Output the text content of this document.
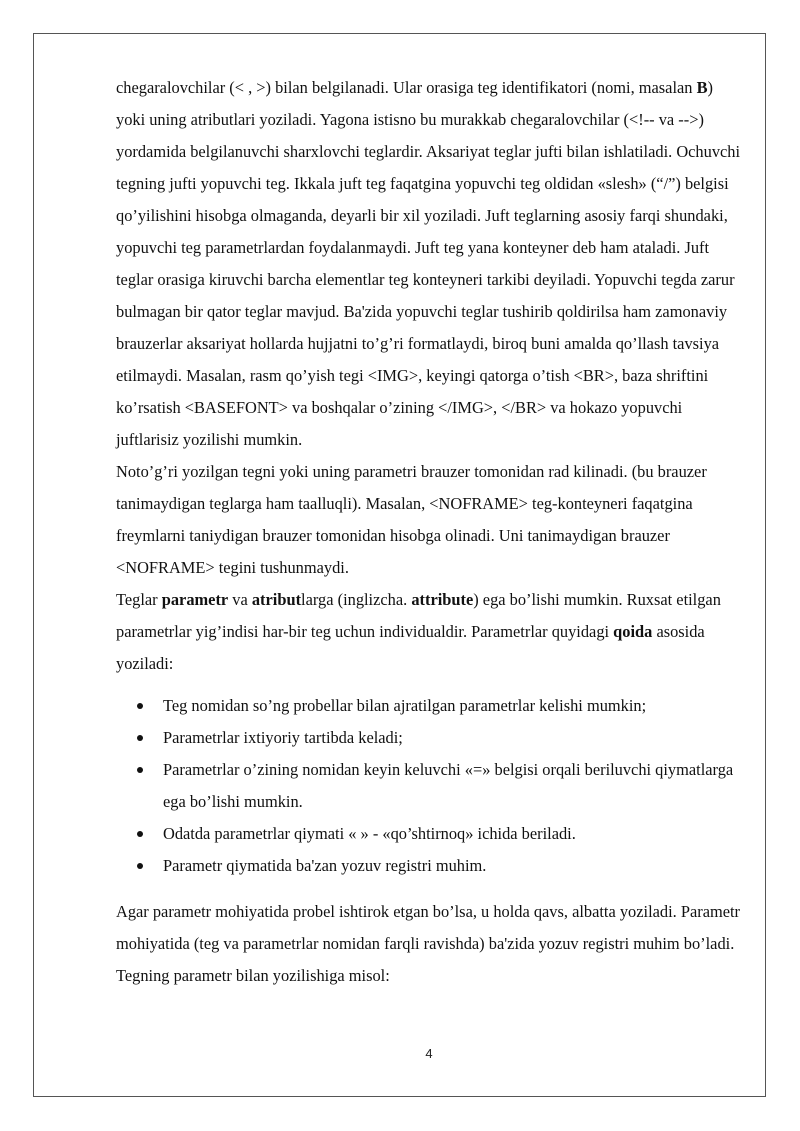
chegaralovchilar (< , >) bilan belgilanadi. Ular orasiga teg identifikatori (nomi, masalan B) yoki uning atributlari yoziladi. Yagona istisno bu murakkab chegaralovchilar (<!-- va -->) yordamida belgilanuvchi sharxlovchi teglardir. Aksariyat teglar jufti bilan ishlatiladi. Ochuvchi tegning jufti yopuvchi teg. Ikkala juft teg faqatgina yopuvchi teg oldidan «slesh» (“/”) belgisi qo’yilishini hisobga olmaganda, deyarli bir xil yoziladi. Juft teglarning asosiy farqi shundaki, yopuvchi teg parametrlardan foydalanmaydi. Juft teg yana konteyner deb ham ataladi. Juft teglar orasiga kiruvchi barcha elementlar teg konteyneri tarkibi deyiladi. Yopuvchi tegda zarur bulmagan bir qator teglar mavjud. Ba'zida yopuvchi teglar tushirib qoldirilsa ham zamonaviy brauzerlar aksariyat hollarda hujjatni to’g’ri formatlaydi, biroq buni amalda qo’llash tavsiya etilmaydi. Masalan, rasm qo’yish tegi <IMG>, keyingi qatorga o’tish <BR>, baza shriftini ko’rsatish <BASEFONT> va boshqalar o’zining </IMG>, </BR> va hokazo yopuvchi juftlarisiz yozilishi mumkin.

Noto’g’ri yozilgan tegni yoki uning parametri brauzer tomonidan rad kilinadi. (bu brauzer tanimaydigan teglarga ham taalluqli). Masalan, <NOFRAME> teg-konteyneri faqatgina freymlarni taniydigan brauzer tomonidan hisobga olinadi. Uni tanimaydigan brauzer <NOFRAME> tegini tushunmaydi.

Teglar parametr va atributlarga (inglizcha. attribute) ega bo’lishi mumkin. Ruxsat etilgan parametrlar yig’indisi har-bir teg uchun individualdir. Parametrlar quyidagi qoida asosida yoziladi:

Teg nomidan so’ng probellar bilan ajratilgan parametrlar kelishi mumkin;
Parametrlar ixtiyoriy tartibda keladi;
Parametrlar o’zining nomidan keyin keluvchi «=» belgisi orqali beriluvchi qiymatlarga ega bo’lishi mumkin.
Odatda parametrlar qiymati « » - «qo’shtirnoq» ichida beriladi.
Parametr qiymatida ba'zan yozuv registri muhim.

Agar parametr mohiyatida probel ishtirok etgan bo’lsa, u holda qavs, albatta yoziladi. Parametr mohiyatida (teg va parametrlar nomidan farqli ravishda) ba'zida yozuv registri muhim bo’ladi. Tegning parametr bilan yozilishiga misol:

4
